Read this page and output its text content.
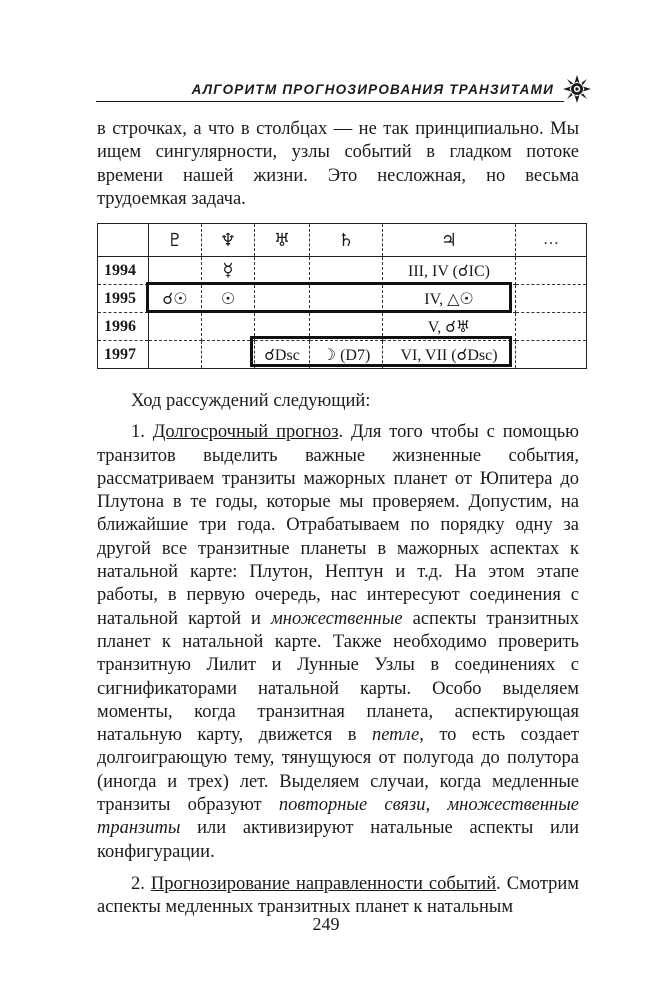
АЛГОРИТМ ПРОГНОЗИРОВАНИЯ ТРАНЗИТАМИ

в строчках, а что в столбцах — не так принципиально. Мы ищем сингулярности, узлы событий в гладком потоке времени нашей жизни. Это несложная, но весьма трудоемкая задача.

	♇	♆	♅	♄	♃	…
1994		☿			III, IV (☌IC)	
1995	☌☉	☉			IV, △☉	
1996					V, ☌♅	
1997			☌Dsc	☽ (D7)	VI, VII (☌Dsc)	

Ход рассуждений следующий:

1. Долгосрочный прогноз. Для того чтобы с помощью транзитов выделить важные жизненные события, рассматриваем транзиты мажорных планет от Юпитера до Плутона в те годы, которые мы проверяем. Допустим, на ближайшие три года. Отрабатываем по порядку одну за другой все транзитные планеты в мажорных аспектах к натальной карте: Плутон, Нептун и т.д. На этом этапе работы, в первую очередь, нас интересуют соединения с натальной картой и множественные аспекты транзитных планет к натальной карте. Также необходимо проверить транзитную Лилит и Лунные Узлы в соединениях с сигнификаторами натальной карты. Особо выделяем моменты, когда транзитная планета, аспектирующая натальную карту, движется в петле, то есть создает долгоиграющую тему, тянущуюся от полугода до полутора (иногда и трех) лет. Выделяем случаи, когда медленные транзиты образуют повторные связи, множественные транзиты или активизируют натальные аспекты или конфигурации.

2. Прогнозирование направленности событий. Смотрим аспекты медленных транзитных планет к натальным

249
